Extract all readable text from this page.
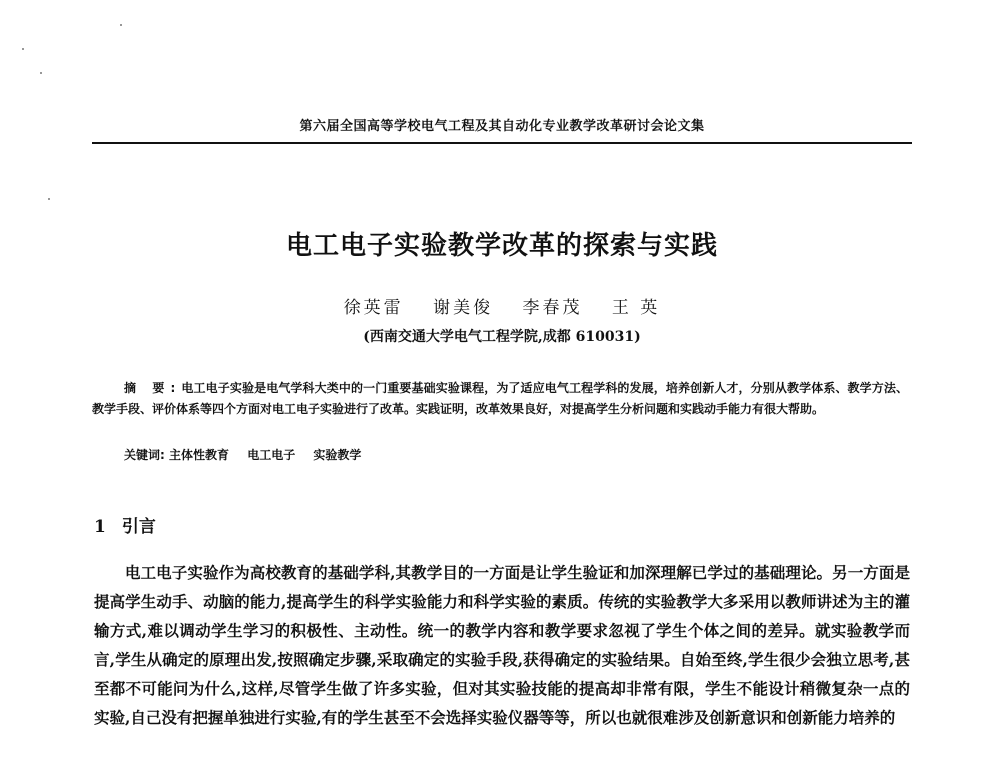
第六届全国高等学校电气工程及其自动化专业教学改革研讨会论文集
电工电子实验教学改革的探索与实践
徐英雷 谢美俊 李春茂 王 英
(西南交通大学电气工程学院,成都 610031)
摘 要:电工电子实验是电气学科大类中的一门重要基础实验课程，为了适应电气工程学科的发展，培养创新人才，分别从教学体系、教学方法、教学手段、评价体系等四个方面对电工电子实验进行了改革。实践证明，改革效果良好，对提高学生分析问题和实践动手能力有很大帮助。
关键词: 主体性教育 电工电子 实验教学
1 引言
电工电子实验作为高校教育的基础学科,其教学目的一方面是让学生验证和加深理解已学过的基础理论。另一方面是提高学生动手、动脑的能力,提高学生的科学实验能力和科学实验的素质。传统的实验教学大多采用以教师讲述为主的灌输方式,难以调动学生学习的积极性、主动性。统一的教学内容和教学要求忽视了学生个体之间的差异。就实验教学而言,学生从确定的原理出发,按照确定步骤,采取确定的实验手段,获得确定的实验结果。自始至终,学生很少会独立思考,甚至都不可能问为什么,这样,尽管学生做了许多实验，但对其实验技能的提高却非常有限，学生不能设计稍微复杂一点的实验,自己没有把握单独进行实验,有的学生甚至不会选择实验仪器等等，所以也就很难涉及创新意识和创新能力培养的
